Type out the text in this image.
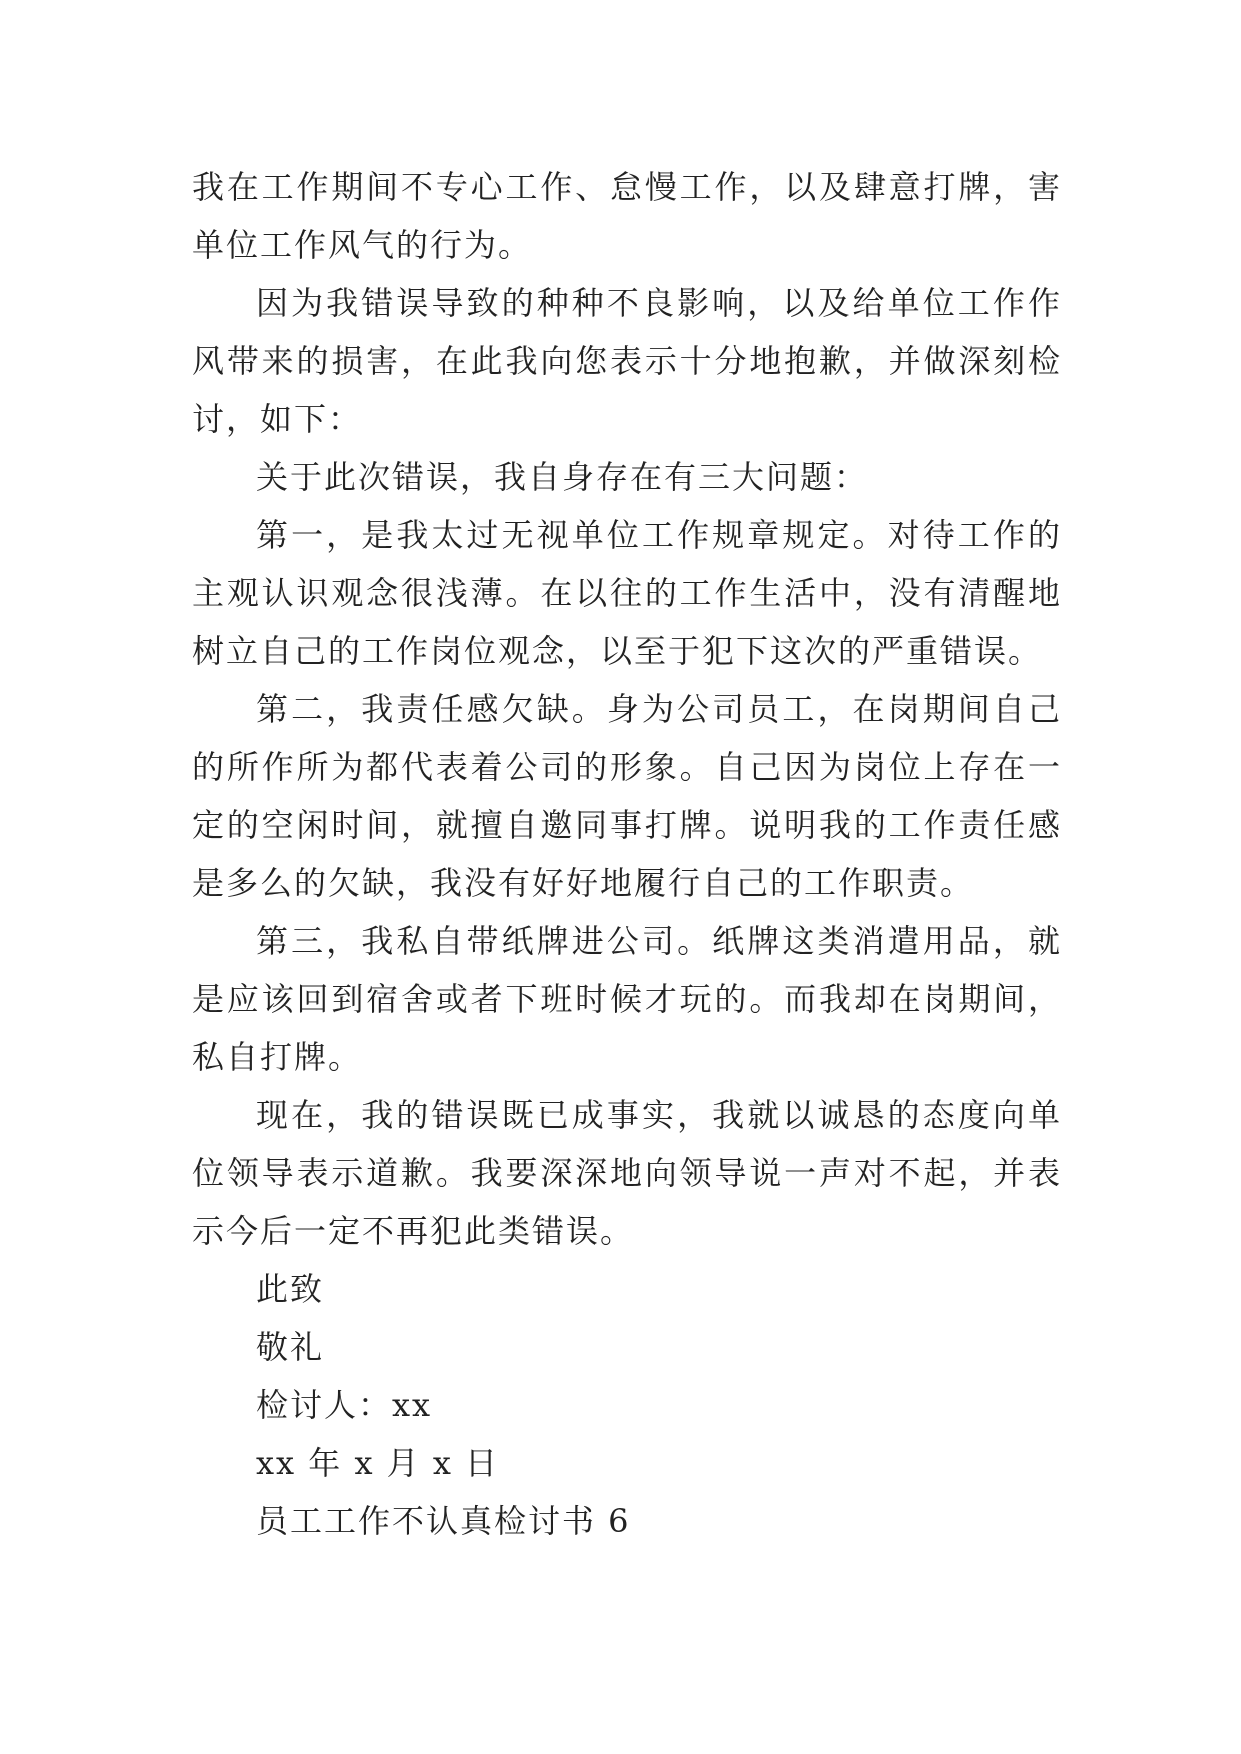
我在工作期间不专心工作、怠慢工作，以及肆意打牌，害单位工作风气的行为。

因为我错误导致的种种不良影响，以及给单位工作作风带来的损害，在此我向您表示十分地抱歉，并做深刻检讨，如下：

关于此次错误，我自身存在有三大问题：

第一，是我太过无视单位工作规章规定。对待工作的主观认识观念很浅薄。在以往的工作生活中，没有清醒地树立自己的工作岗位观念，以至于犯下这次的严重错误。

第二，我责任感欠缺。身为公司员工，在岗期间自己的所作所为都代表着公司的形象。自己因为岗位上存在一定的空闲时间，就擅自邀同事打牌。说明我的工作责任感是多么的欠缺，我没有好好地履行自己的工作职责。

第三，我私自带纸牌进公司。纸牌这类消遣用品，就是应该回到宿舍或者下班时候才玩的。而我却在岗期间，私自打牌。

现在，我的错误既已成事实，我就以诚恳的态度向单位领导表示道歉。我要深深地向领导说一声对不起，并表示今后一定不再犯此类错误。

此致

敬礼

检讨人：xx

xx 年 x 月 x 日

员工工作不认真检讨书 6
